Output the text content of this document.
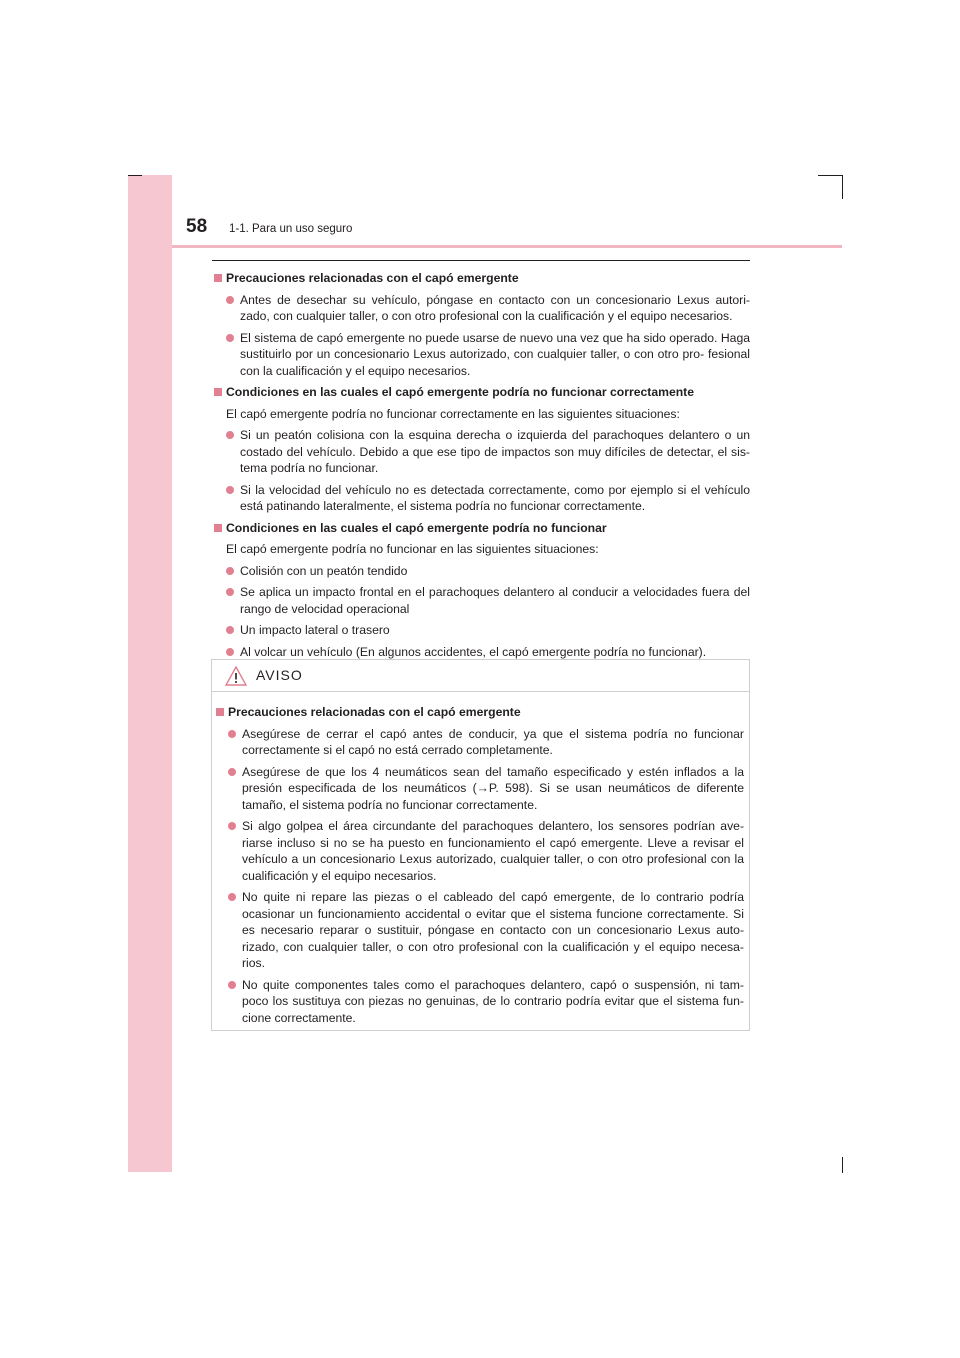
58 1-1. Para un uso seguro
Precauciones relacionadas con el capó emergente
Antes de desechar su vehículo, póngase en contacto con un concesionario Lexus autori- zado, con cualquier taller, o con otro profesional con la cualificación y el equipo necesarios.
El sistema de capó emergente no puede usarse de nuevo una vez que ha sido operado. Haga sustituirlo por un concesionario Lexus autorizado, con cualquier taller, o con otro pro- fesional con la cualificación y el equipo necesarios.
Condiciones en las cuales el capó emergente podría no funcionar correctamente
El capó emergente podría no funcionar correctamente en las siguientes situaciones:
Si un peatón colisiona con la esquina derecha o izquierda del parachoques delantero o un costado del vehículo. Debido a que ese tipo de impactos son muy difíciles de detectar, el sis- tema podría no funcionar.
Si la velocidad del vehículo no es detectada correctamente, como por ejemplo si el vehículo está patinando lateralmente, el sistema podría no funcionar correctamente.
Condiciones en las cuales el capó emergente podría no funcionar
El capó emergente podría no funcionar en las siguientes situaciones:
Colisión con un peatón tendido
Se aplica un impacto frontal en el parachoques delantero al conducir a velocidades fuera del rango de velocidad operacional
Un impacto lateral o trasero
Al volcar un vehículo (En algunos accidentes, el capó emergente podría no funcionar).
AVISO
Precauciones relacionadas con el capó emergente
Asegúrese de cerrar el capó antes de conducir, ya que el sistema podría no funcionar correctamente si el capó no está cerrado completamente.
Asegúrese de que los 4 neumáticos sean del tamaño especificado y estén inflados a la presión especificada de los neumáticos (→P. 598). Si se usan neumáticos de diferente tamaño, el sistema podría no funcionar correctamente.
Si algo golpea el área circundante del parachoques delantero, los sensores podrían ave- riarse incluso si no se ha puesto en funcionamiento el capó emergente. Lleve a revisar el vehículo a un concesionario Lexus autorizado, cualquier taller, o con otro profesional con la cualificación y el equipo necesarios.
No quite ni repare las piezas o el cableado del capó emergente, de lo contrario podría ocasionar un funcionamiento accidental o evitar que el sistema funcione correctamente. Si es necesario reparar o sustituir, póngase en contacto con un concesionario Lexus auto- rizado, con cualquier taller, o con otro profesional con la cualificación y el equipo necesa- rios.
No quite componentes tales como el parachoques delantero, capó o suspensión, ni tam- poco los sustituya con piezas no genuinas, de lo contrario podría evitar que el sistema fun- cione correctamente.
